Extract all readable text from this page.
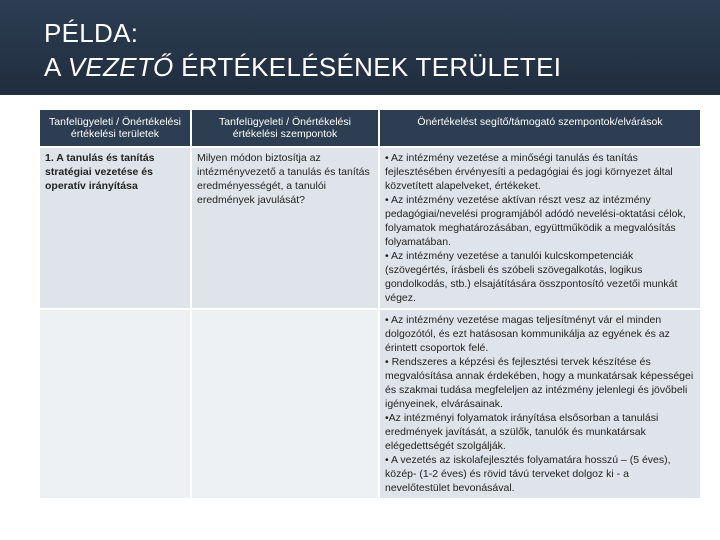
PÉLDA:
A VEZETŐ ÉRTÉKELÉSÉNEK TERÜLETEI
Tanfelügyeleti / Önértékelési értékelési területek	Tanfelügyeleti / Önértékelési értékelési szempontok	Önértékelést segítő/támogató szempontok/elvárások
1. A tanulás és tanítás stratégiai vezetése és operatív irányítása	Milyen módon biztosítja az intézményvezető a tanulás és tanítás eredményességét, a tanulói eredmények javulását?	• Az intézmény vezetése a minőségi tanulás és tanítás fejlesztésében érvényesíti a pedagógiai és jogi környezet által közvetített alapelveket, értékeket.
• Az intézmény vezetése aktívan részt vesz az intézmény pedagógiai/nevelési programjából adódó nevelési-oktatási célok, folyamatok meghatározásában, együttműködik a megvalósítás folyamatában.
• Az intézmény vezetése a tanulói kulcskompetenciák (szövegértés, írásbeli és szóbeli szövegalkotás, logikus gondolkodás, stb.) elsajátítására összpontosító vezetői munkát végez.

		• Az intézmény vezetése magas teljesítményt vár el minden dolgozótól, és ezt hatásosan kommunikálja az egyének és az érintett csoportok felé.
• Rendszeres a képzési és fejlesztési tervek készítése és megvalósítása annak érdekében, hogy a munkatársak képességei és szakmai tudása megfeleljen az intézmény jelenlegi és jövőbeli igényeinek, elvárásainak.
•Az intézményi folyamatok irányítása elsősorban a tanulási eredmények javítását, a szülők, tanulók és munkatársak elégedettségét szolgálják.
• A vezetés az iskolafejlesztés folyamatára hosszú – (5 éves), közép- (1-2 éves) és rövid távú terveket dolgoz ki - a nevelőtestület bevonásával.
